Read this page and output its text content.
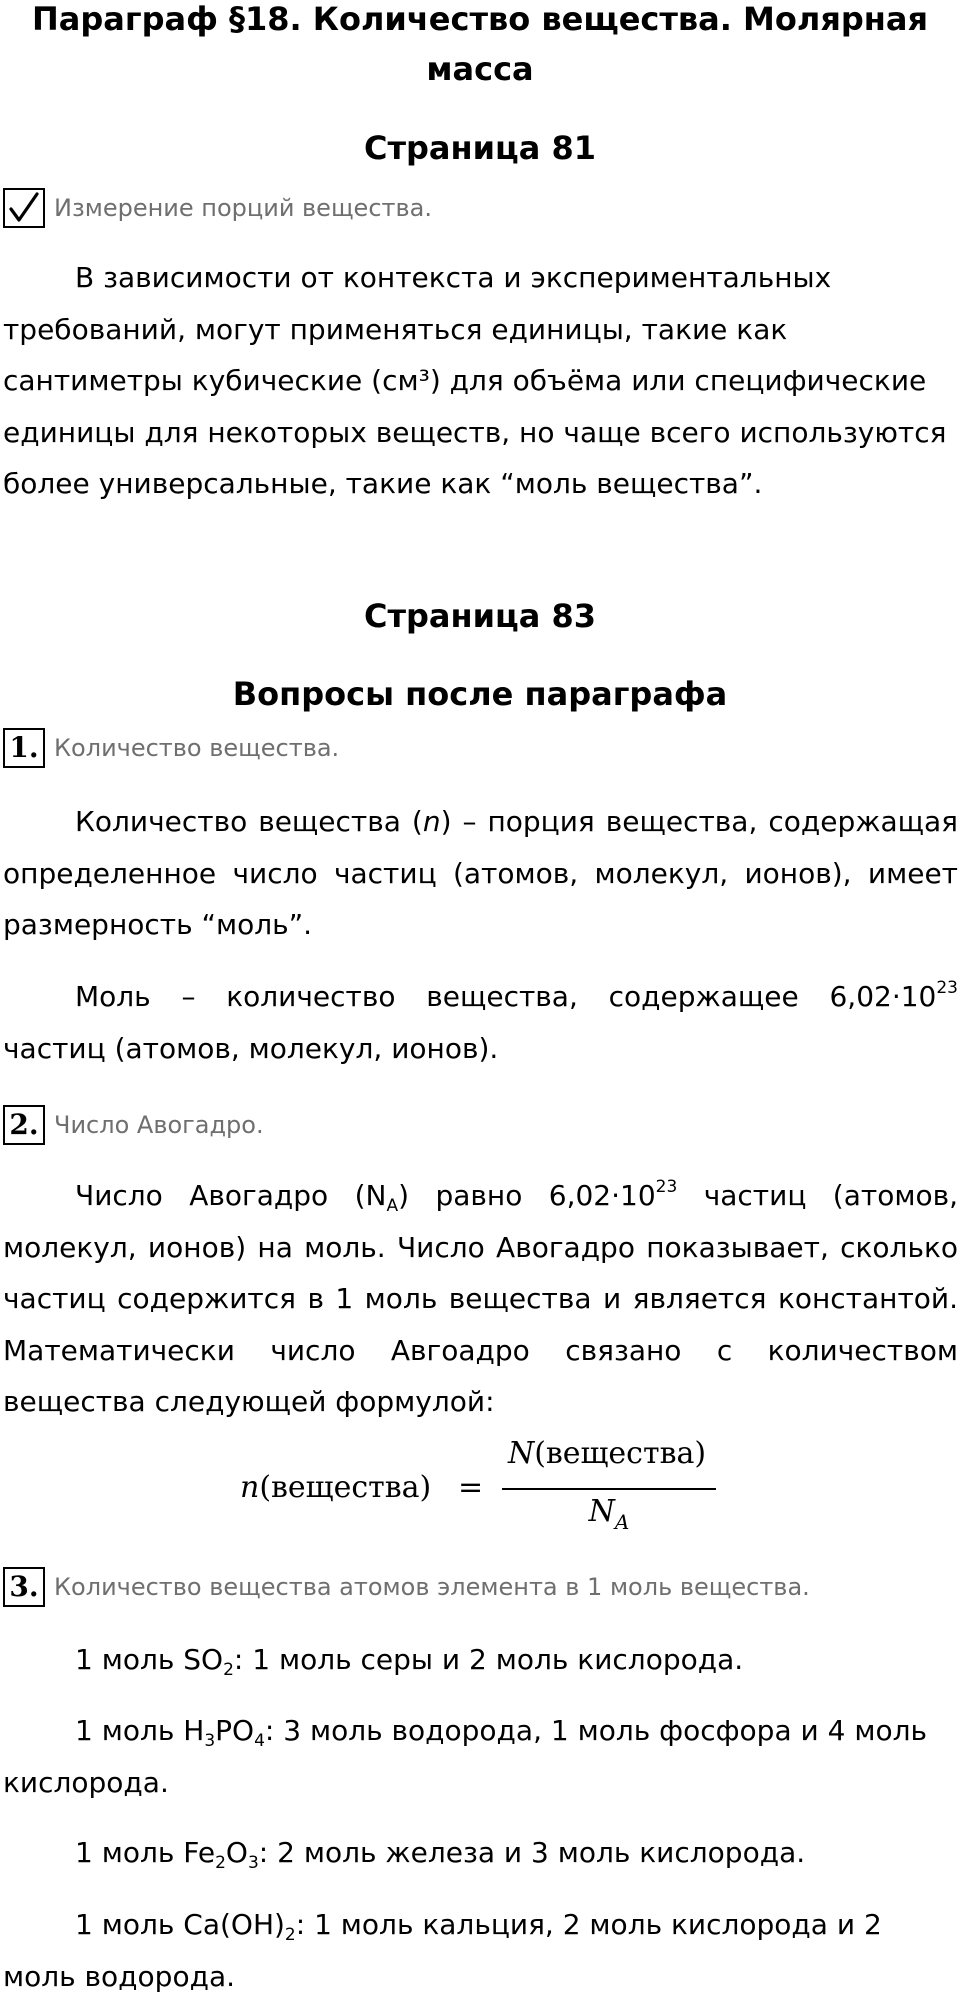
Параграф §18. Количество вещества. Молярная
масса
Страница 81
Измерение порций вещества.
В зависимости от контекста и экспериментальных требований, могут применяться единицы, такие как сантиметры кубические (см³) для объёма или специфические единицы для некоторых веществ, но чаще всего используются более универсальные, такие как “моль вещества”.
Страница 83
Вопросы после параграфа
1. Количество вещества.
Количество вещества (n) – порция вещества, содержащая определенное число частиц (атомов, молекул, ионов), имеет размерность “моль”.
Моль – количество вещества, содержащее $6,02\cdot 10^{23}$ частиц (атомов, молекул, ионов).
2. Число Авогадро.
Число Авогадро $(N_A)$ равно $6,02\cdot 10^{23}$ частиц (атомов, молекул, ионов) на моль. Число Авогадро показывает, сколько частиц содержится в 1 моль вещества и является константой. Математически число Авгоадро связано с количеством вещества следующей формулой:
n(вещества) =
N(вещества)
$N_A$
3. Количество вещества атомов элемента в 1 моль вещества.
1 моль $SO_2$: 1 моль серы и 2 моль кислорода.
1 моль $H_3PO_4$: 3 моль водорода, 1 моль фосфора и 4 моль кислорода.
1 моль $Fe_2O_3$: 2 моль железа и 3 моль кислорода.
1 моль $Ca(OH)_2$: 1 моль кальция, 2 моль кислорода и 2 моль водорода.
